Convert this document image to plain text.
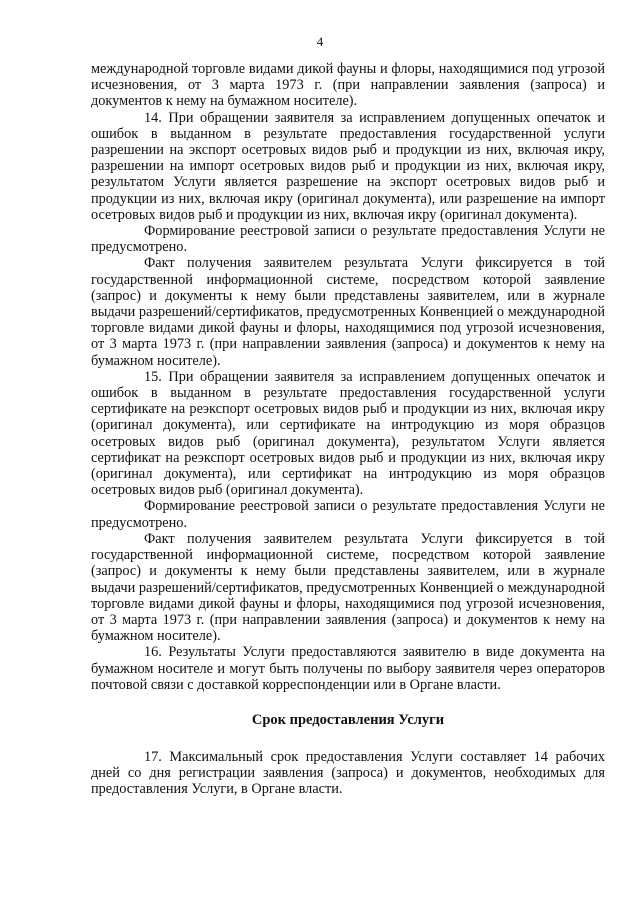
4

международной торговле видами дикой фауны и флоры, находящимися под угрозой исчезновения, от 3 марта 1973 г. (при направлении заявления (запроса) и документов к нему на бумажном носителе).

14. При обращении заявителя за исправлением допущенных опечаток и ошибок в выданном в результате предоставления государственной услуги разрешении на экспорт осетровых видов рыб и продукции из них, включая икру, разрешении на импорт осетровых видов рыб и продукции из них, включая икру, результатом Услуги является разрешение на экспорт осетровых видов рыб и продукции из них, включая икру (оригинал документа), или разрешение на импорт осетровых видов рыб и продукции из них, включая икру (оригинал документа).

Формирование реестровой записи о результате предоставления Услуги не предусмотрено.

Факт получения заявителем результата Услуги фиксируется в той государственной информационной системе, посредством которой заявление (запрос) и документы к нему были представлены заявителем, или в журнале выдачи разрешений/сертификатов, предусмотренных Конвенцией о международной торговле видами дикой фауны и флоры, находящимися под угрозой исчезновения, от 3 марта 1973 г. (при направлении заявления (запроса) и документов к нему на бумажном носителе).

15. При обращении заявителя за исправлением допущенных опечаток и ошибок в выданном в результате предоставления государственной услуги сертификате на реэкспорт осетровых видов рыб и продукции из них, включая икру (оригинал документа), или сертификате на интродукцию из моря образцов осетровых видов рыб (оригинал документа), результатом Услуги является сертификат на реэкспорт осетровых видов рыб и продукции из них, включая икру (оригинал документа), или сертификат на интродукцию из моря образцов осетровых видов рыб (оригинал документа).

Формирование реестровой записи о результате предоставления Услуги не предусмотрено.

Факт получения заявителем результата Услуги фиксируется в той государственной информационной системе, посредством которой заявление (запрос) и документы к нему были представлены заявителем, или в журнале выдачи разрешений/сертификатов, предусмотренных Конвенцией о международной торговле видами дикой фауны и флоры, находящимися под угрозой исчезновения, от 3 марта 1973 г. (при направлении заявления (запроса) и документов к нему на бумажном носителе).

16. Результаты Услуги предоставляются заявителю в виде документа на бумажном носителе и могут быть получены по выбору заявителя через операторов почтовой связи с доставкой корреспонденции или в Органе власти.

Срок предоставления Услуги

17. Максимальный срок предоставления Услуги составляет 14 рабочих дней со дня регистрации заявления (запроса) и документов, необходимых для предоставления Услуги, в Органе власти.
